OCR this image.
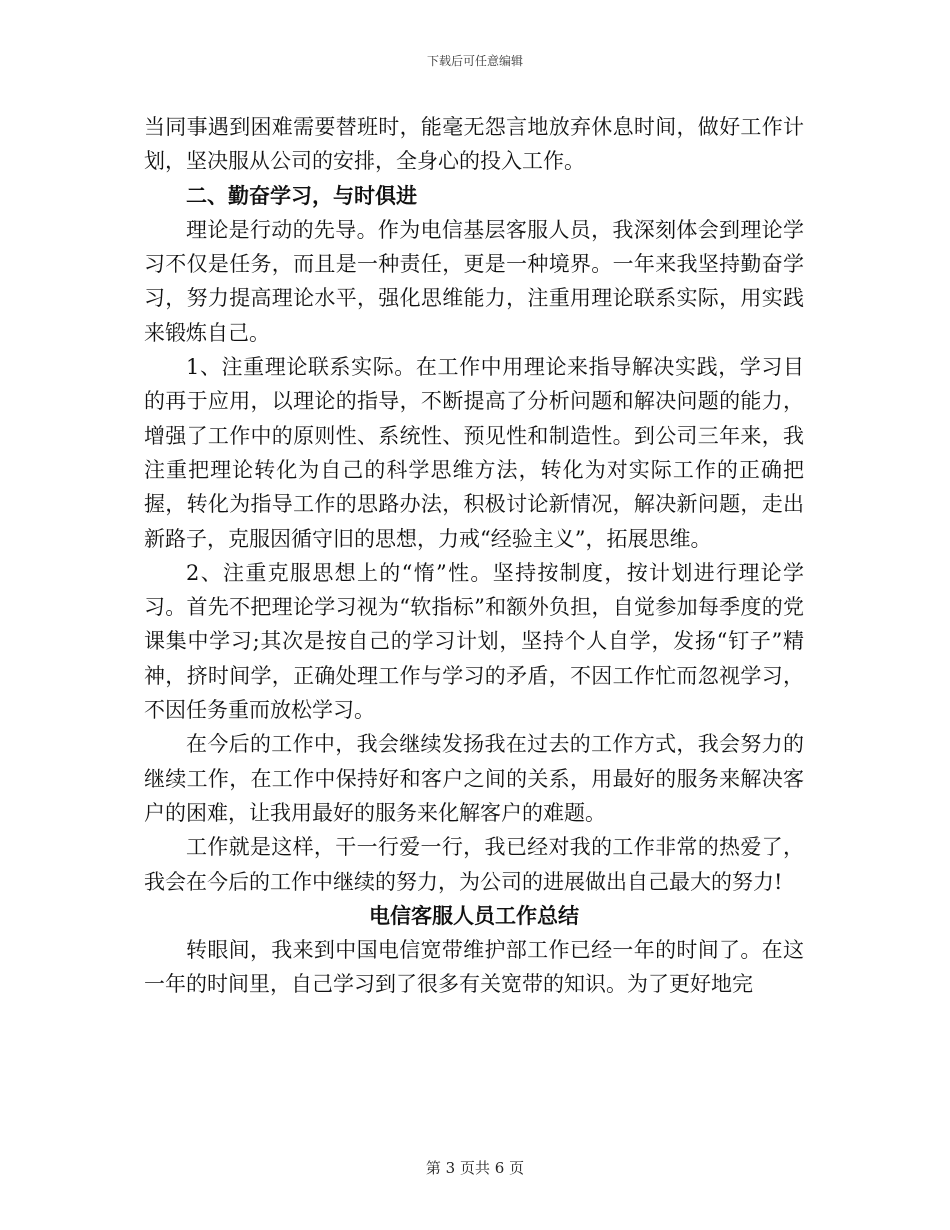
下载后可任意编辑

当同事遇到困难需要替班时，能毫无怨言地放弃休息时间，做好工作计划，坚决服从公司的安排，全身心的投入工作。

二、勤奋学习，与时俱进

理论是行动的先导。作为电信基层客服人员，我深刻体会到理论学习不仅是任务，而且是一种责任，更是一种境界。一年来我坚持勤奋学习，努力提高理论水平，强化思维能力，注重用理论联系实际，用实践来锻炼自己。

1、注重理论联系实际。在工作中用理论来指导解决实践，学习目的再于应用，以理论的指导，不断提高了分析问题和解决问题的能力，增强了工作中的原则性、系统性、预见性和制造性。到公司三年来，我注重把理论转化为自己的科学思维方法，转化为对实际工作的正确把握，转化为指导工作的思路办法，积极讨论新情况，解决新问题，走出新路子，克服因循守旧的思想，力戒“经验主义”，拓展思维。

2、注重克服思想上的“惰”性。坚持按制度，按计划进行理论学习。首先不把理论学习视为“软指标”和额外负担，自觉参加每季度的党课集中学习;其次是按自己的学习计划，坚持个人自学，发扬“钉子”精神，挤时间学，正确处理工作与学习的矛盾，不因工作忙而忽视学习，不因任务重而放松学习。

在今后的工作中，我会继续发扬我在过去的工作方式，我会努力的继续工作，在工作中保持好和客户之间的关系，用最好的服务来解决客户的困难，让我用最好的服务来化解客户的难题。

工作就是这样，干一行爱一行，我已经对我的工作非常的热爱了，我会在今后的工作中继续的努力，为公司的进展做出自己最大的努力!

电信客服人员工作总结

转眼间，我来到中国电信宽带维护部工作已经一年的时间了。在这一年的时间里，自己学习到了很多有关宽带的知识。为了更好地完

第 3 页共 6 页
